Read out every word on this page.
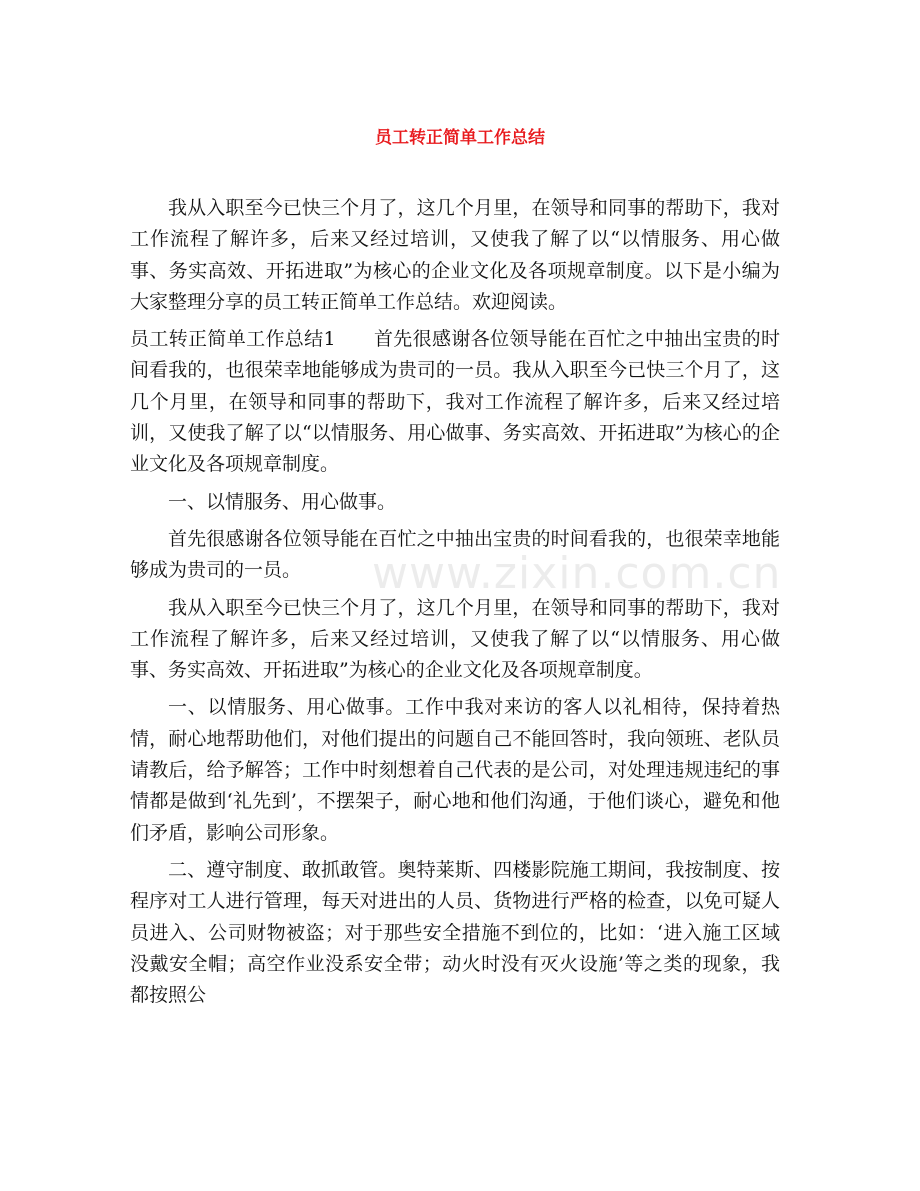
员工转正简单工作总结
www.zixin.com.cn

我从入职至今已快三个月了，这几个月里，在领导和同事的帮助下，我对工作流程了解许多，后来又经过培训，又使我了解了以“以情服务、用心做事、务实高效、开拓进取”为核心的企业文化及各项规章制度。以下是小编为大家整理分享的员工转正简单工作总结。欢迎阅读。

员工转正简单工作总结1 首先很感谢各位领导能在百忙之中抽出宝贵的时间看我的，也很荣幸地能够成为贵司的一员。我从入职至今已快三个月了，这几个月里，在领导和同事的帮助下，我对工作流程了解许多，后来又经过培训，又使我了解了以“以情服务、用心做事、务实高效、开拓进取”为核心的企业文化及各项规章制度。

一、以情服务、用心做事。

首先很感谢各位领导能在百忙之中抽出宝贵的时间看我的，也很荣幸地能够成为贵司的一员。

我从入职至今已快三个月了，这几个月里，在领导和同事的帮助下，我对工作流程了解许多，后来又经过培训，又使我了解了以“以情服务、用心做事、务实高效、开拓进取”为核心的企业文化及各项规章制度。

一、以情服务、用心做事。工作中我对来访的客人以礼相待，保持着热情，耐心地帮助他们，对他们提出的问题自己不能回答时，我向领班、老队员请教后，给予解答；工作中时刻想着自己代表的是公司，对处理违规违纪的事情都是做到‘礼先到’，不摆架子，耐心地和他们沟通，于他们谈心，避免和他们矛盾，影响公司形象。

二、遵守制度、敢抓敢管。奥特莱斯、四楼影院施工期间，我按制度、按程序对工人进行管理，每天对进出的人员、货物进行严格的检查，以免可疑人员进入、公司财物被盗；对于那些安全措施不到位的，比如：‘进入施工区域没戴安全帽；高空作业没系安全带；动火时没有灭火设施’等之类的现象，我都按照公
